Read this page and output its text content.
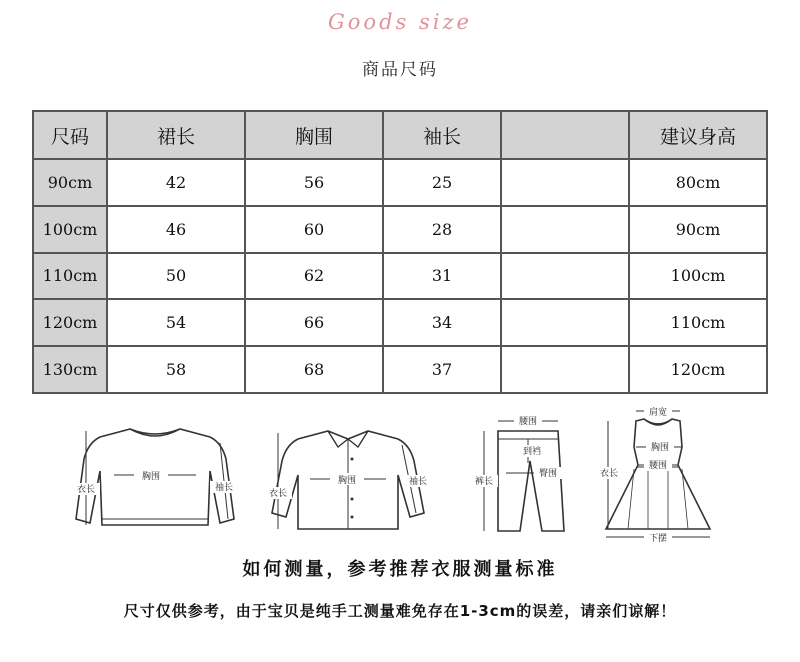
Goods size
商品尺码
尺码	裙长	胸围	袖长		建议身高
90cm	42	56	25		80cm
100cm	46	60	28		90cm
110cm	50	62	31		100cm
120cm	54	66	34		110cm
130cm	58	68	37		120cm
胸围
衣长	袖长
胸围
衣长
袖长
腰围
到裆
臀围
裤长
肩宽
胸围
腰围
衣长
下摆
如何测量，参考推荐衣服测量标准
尺寸仅供参考，由于宝贝是纯手工测量难免存在1-3cm的误差，请亲们谅解！
